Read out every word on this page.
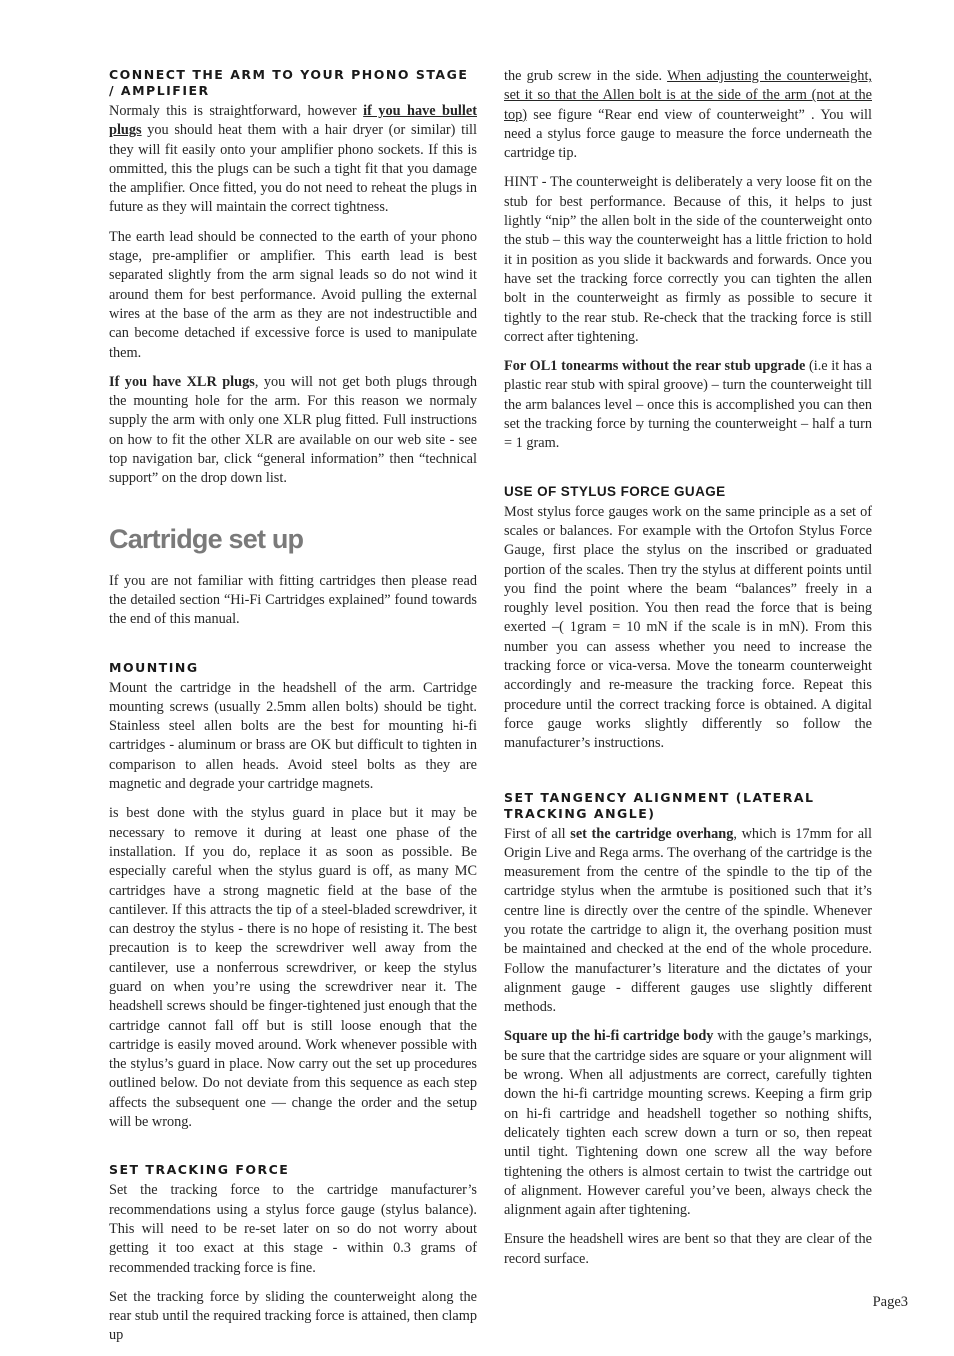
CONNECT THE ARM TO YOUR PHONO STAGE / AMPLIFIER

Normaly this is straightforward, however if you have bullet plugs you should heat them with a hair dryer (or similar) till they will fit easily onto your amplifier phono sockets. If this is ommitted, this the plugs can be such a tight fit that you damage the amplifier. Once fitted, you do not need to reheat the plugs in future as they will maintain the correct tightness.

The earth lead should be connected to the earth of your phono stage, pre-amplifier or amplifier. This earth lead is best separated slightly from the arm signal leads so do not wind it around them for best performance. Avoid pulling the external wires at the base of the arm as they are not indestructible and can become detached if excessive force is used to manipulate them.

If you have XLR plugs, you will not get both plugs through the mounting hole for the arm. For this reason we normaly supply the arm with only one XLR plug fitted. Full instructions on how to fit the other XLR are available on our web site - see top navigation bar, click “general information” then “technical support” on the drop down list.

Cartridge set up

If you are not familiar with fitting cartridges then please read the detailed section “Hi-Fi Cartridges explained” found towards the end of this manual.

MOUNTING

Mount the cartridge in the headshell of the arm. Cartridge mounting screws (usually 2.5mm allen bolts) should be tight. Stainless steel allen bolts are the best for mounting hi-fi cartridges - aluminum or brass are OK but difficult to tighten in comparison to allen heads. Avoid steel bolts as they are magnetic and degrade your cartridge magnets.

is best done with the stylus guard in place but it may be necessary to remove it during at least one phase of the installation. If you do, replace it as soon as possible. Be especially careful when the stylus guard is off, as many MC cartridges have a strong magnetic field at the base of the cantilever. If this attracts the tip of a steel-bladed screwdriver, it can destroy the stylus - there is no hope of resisting it. The best precaution is to keep the screwdriver well away from the cantilever, use a nonferrous screwdriver, or keep the stylus guard on when you’re using the screwdriver near it. The headshell screws should be finger-tightened just enough that the cartridge cannot fall off but is still loose enough that the cartridge is easily moved around. Work whenever possible with the stylus’s guard in place. Now carry out the set up procedures outlined below. Do not deviate from this sequence as each step affects the subsequent one — change the order and the setup will be wrong.

SET TRACKING FORCE

Set the tracking force to the cartridge manufacturer’s recommendations using a stylus force gauge (stylus balance). This will need to be re-set later on so do not worry about getting it too exact at this stage - within 0.3 grams of recommended tracking force is fine.

Set the tracking force by sliding the counterweight along the rear stub until the required tracking force is attained, then clamp up

the grub screw in the side. When adjusting the counterweight, set it so that the Allen bolt is at the side of the arm (not at the top) see figure “Rear end view of counterweight” . You will need a stylus force gauge to measure the force underneath the cartridge tip.

HINT - The counterweight is deliberately a very loose fit on the stub for best performance. Because of this, it helps to just lightly “nip” the allen bolt in the side of the counterweight onto the stub – this way the counterweight has a little friction to hold it in position as you slide it backwards and forwards. Once you have set the tracking force correctly you can tighten the allen bolt in the counterweight as firmly as possible to secure it tightly to the rear stub. Re-check that the tracking force is still correct after tightening.

For OL1 tonearms without the rear stub upgrade (i.e it has a plastic rear stub with spiral groove) – turn the counterweight till the arm balances level – once this is accomplished you can then set the tracking force by turning the counterweight – half a turn = 1 gram.

USE OF STYLUS FORCE GUAGE

Most stylus force gauges work on the same principle as a set of scales or balances. For example with the Ortofon Stylus Force Gauge, first place the stylus on the inscribed or graduated portion of the scales. Then try the stylus at different points until you find the point where the beam “balances” freely in a roughly level position. You then read the force that is being exerted –( 1gram = 10 mN if the scale is in mN). From this number you can assess whether you need to increase the tracking force or vica-versa. Move the tonearm counterweight accordingly and re-measure the tracking force. Repeat this procedure until the correct tracking force is obtained. A digital force gauge works slightly differently so follow the manufacturer’s instructions.

SET TANGENCY ALIGNMENT (LATERAL TRACKING ANGLE)

First of all set the cartridge overhang, which is 17mm for all Origin Live and Rega arms. The overhang of the cartridge is the measurement from the centre of the spindle to the tip of the cartridge stylus when the armtube is positioned such that it’s centre line is directly over the centre of the spindle. Whenever you rotate the cartridge to align it, the overhang position must be maintained and checked at the end of the whole procedure. Follow the manufacturer’s literature and the dictates of your alignment gauge - different gauges use slightly different methods.

Square up the hi-fi cartridge body with the gauge’s markings, be sure that the cartridge sides are square or your alignment will be wrong. When all adjustments are correct, carefully tighten down the hi-fi cartridge mounting screws. Keeping a firm grip on hi-fi cartridge and headshell together so nothing shifts, delicately tighten each screw down a turn or so, then repeat until tight. Tightening down one screw all the way before tightening the others is almost certain to twist the cartridge out of alignment. However careful you’ve been, always check the alignment again after tightening.

Ensure the headshell wires are bent so that they are clear of the record surface.

Page3
